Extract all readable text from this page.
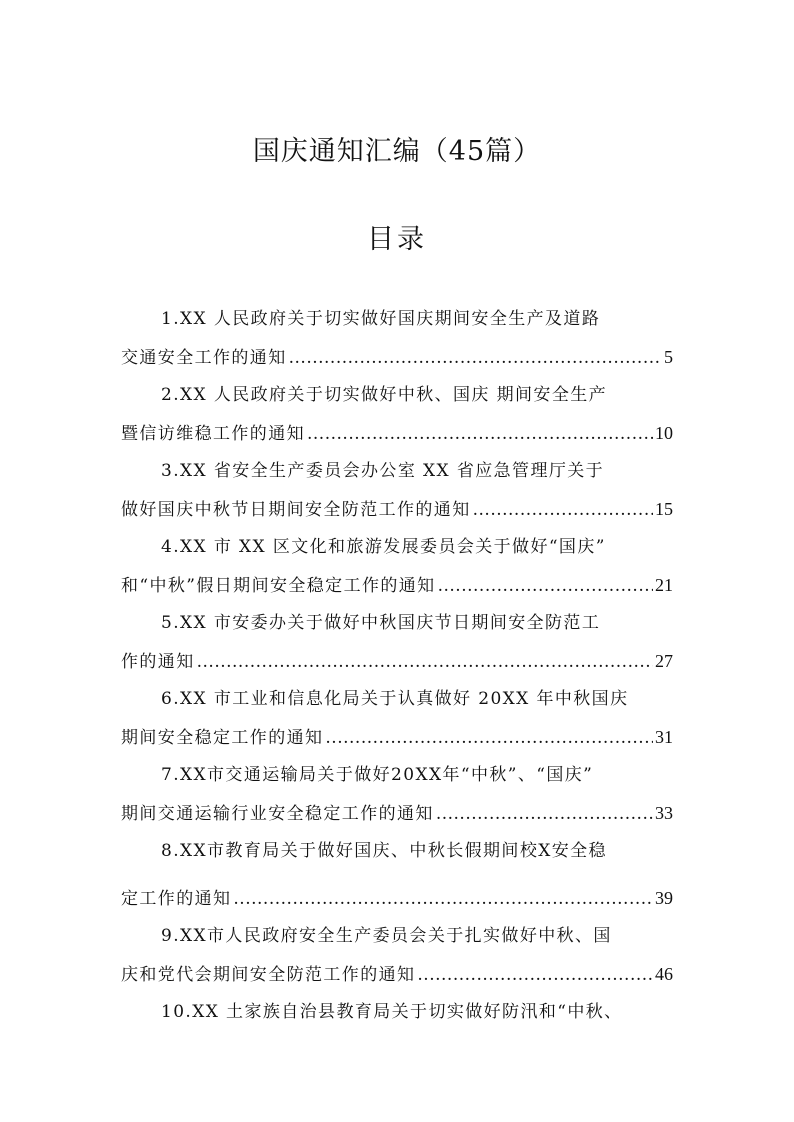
国庆通知汇编（45篇）
目录
1.XX 人民政府关于切实做好国庆期间安全生产及道路
交通安全工作的通知 .....	5
2.XX 人民政府关于切实做好中秋、国庆 期间安全生产
暨信访维稳工作的通知 .....	10
3.XX 省安全生产委员会办公室 XX 省应急管理厅关于
做好国庆中秋节日期间安全防范工作的通知 .....	15
4.XX 市 XX 区文化和旅游发展委员会关于做好“国庆”
和“中秋”假日期间安全稳定工作的通知 .....	21
5.XX 市安委办关于做好中秋国庆节日期间安全防范工
作的通知 .....	27
6.XX 市工业和信息化局关于认真做好 20XX 年中秋国庆
期间安全稳定工作的通知 .....	31
7.XX市交通运输局关于做好20XX年“中秋”、“国庆”
期间交通运输行业安全稳定工作的通知 .....	33
8.XX市教育局关于做好国庆、中秋长假期间校X安全稳
定工作的通知 .....	39
9.XX市人民政府安全生产委员会关于扎实做好中秋、国
庆和党代会期间安全防范工作的通知 .....	46
10.XX 土家族自治县教育局关于切实做好防汛和“中秋、
